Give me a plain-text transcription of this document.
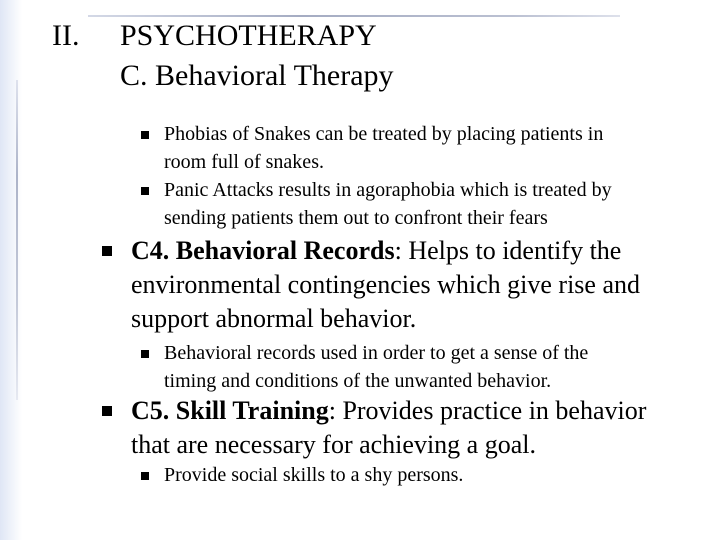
II. PSYCHOTHERAPY
C. Behavioral Therapy
Phobias of Snakes can be treated by placing patients in
room full of snakes.
Panic Attacks results in agoraphobia which is treated by
sending patients them out to confront their fears
C4. Behavioral Records: Helps to identify the
environmental contingencies which give rise and
support abnormal behavior.
Behavioral records used in order to get a sense of the
timing and conditions of the unwanted behavior.
C5. Skill Training: Provides practice in behavior
that are necessary for achieving a goal.
Provide social skills to a shy persons.
